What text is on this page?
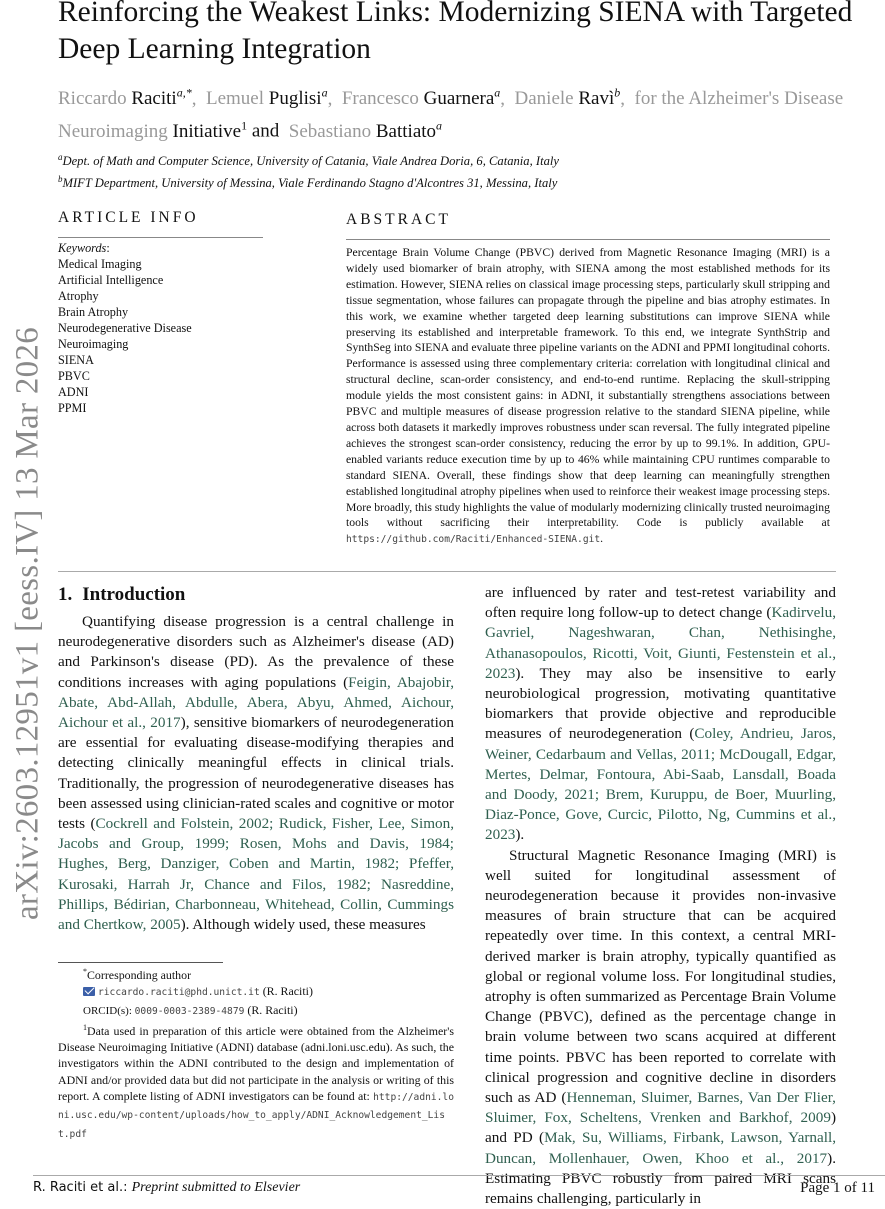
arXiv:2603.12951v1 [eess.IV] 13 Mar 2026
Reinforcing the Weakest Links: Modernizing SIENA with Targeted Deep Learning Integration
Riccardo Raciti$^{a,*}$,  Lemuel Puglisi$^a$,  Francesco Guarnera$^a$,  Daniele Ravì$^b$,  for the Alzheimer's Disease Neuroimaging Initiative$^1$ and Sebastiano Battiato$^a$
$^a$Dept. of Math and Computer Science, University of Catania, Viale Andrea Doria, 6, Catania, Italy
$^b$MIFT Department, University of Messina, Viale Ferdinando Stagno d'Alcontres 31, Messina, Italy
ARTICLE INFO
Keywords:
Medical Imaging
Artificial Intelligence
Atrophy
Brain Atrophy
Neurodegenerative Disease
Neuroimaging
SIENA
PBVC
ADNI
PPMI
ABSTRACT
Percentage Brain Volume Change (PBVC) derived from Magnetic Resonance Imaging (MRI) is a widely used biomarker of brain atrophy, with SIENA among the most established methods for its estimation. However, SIENA relies on classical image processing steps, particularly skull stripping and tissue segmentation, whose failures can propagate through the pipeline and bias atrophy estimates. In this work, we examine whether targeted deep learning substitutions can improve SIENA while preserving its established and interpretable framework. To this end, we integrate SynthStrip and SynthSeg into SIENA and evaluate three pipeline variants on the ADNI and PPMI longitudinal cohorts. Performance is assessed using three complementary criteria: correlation with longitudinal clinical and structural decline, scan-order consistency, and end-to-end runtime. Replacing the skull-stripping module yields the most consistent gains: in ADNI, it substantially strengthens associations between PBVC and multiple measures of disease progression relative to the standard SIENA pipeline, while across both datasets it markedly improves robustness under scan reversal. The fully integrated pipeline achieves the strongest scan-order consistency, reducing the error by up to 99.1%. In addition, GPU-enabled variants reduce execution time by up to 46% while maintaining CPU runtimes comparable to standard SIENA. Overall, these findings show that deep learning can meaningfully strengthen established longitudinal atrophy pipelines when used to reinforce their weakest image processing steps. More broadly, this study highlights the value of modularly modernizing clinically trusted neuroimaging tools without sacrificing their interpretability. Code is publicly available at https://github.com/Raciti/Enhanced-SIENA.git.
1. Introduction

Quantifying disease progression is a central challenge in neurodegenerative disorders such as Alzheimer's disease (AD) and Parkinson's disease (PD). As the prevalence of these conditions increases with aging populations (Feigin, Abajobir, Abate, Abd-Allah, Abdulle, Abera, Abyu, Ahmed, Aichour, Aichour et al., 2017), sensitive biomarkers of neurodegeneration are essential for evaluating disease-modifying therapies and detecting clinically meaningful effects in clinical trials. Traditionally, the progression of neurodegenerative diseases has been assessed using clinician-rated scales and cognitive or motor tests (Cockrell and Folstein, 2002; Rudick, Fisher, Lee, Simon, Jacobs and Group, 1999; Rosen, Mohs and Davis, 1984; Hughes, Berg, Danziger, Coben and Martin, 1982; Pfeffer, Kurosaki, Harrah Jr, Chance and Filos, 1982; Nasreddine, Phillips, Bédirian, Charbonneau, Whitehead, Collin, Cummings and Chertkow, 2005). Although widely used, these measures

are influenced by rater and test-retest variability and often require long follow-up to detect change (Kadirvelu, Gavriel, Nageshwaran, Chan, Nethisinghe, Athanasopoulos, Ricotti, Voit, Giunti, Festenstein et al., 2023). They may also be insensitive to early neurobiological progression, motivating quantitative biomarkers that provide objective and reproducible measures of neurodegeneration (Coley, Andrieu, Jaros, Weiner, Cedarbaum and Vellas, 2011; McDougall, Edgar, Mertes, Delmar, Fontoura, Abi-Saab, Lansdall, Boada and Doody, 2021; Brem, Kuruppu, de Boer, Muurling, Diaz-Ponce, Gove, Curcic, Pilotto, Ng, Cummins et al., 2023).

Structural Magnetic Resonance Imaging (MRI) is well suited for longitudinal assessment of neurodegeneration because it provides non-invasive measures of brain structure that can be acquired repeatedly over time. In this context, a central MRI-derived marker is brain atrophy, typically quantified as global or regional volume loss. For longitudinal studies, atrophy is often summarized as Percentage Brain Volume Change (PBVC), defined as the percentage change in brain volume between two scans acquired at different time points. PBVC has been reported to correlate with clinical progression and cognitive decline in disorders such as AD (Henneman, Sluimer, Barnes, Van Der Flier, Sluimer, Fox, Scheltens, Vrenken and Barkhof, 2009) and PD (Mak, Su, Williams, Firbank, Lawson, Yarnall, Duncan, Mollenhauer, Owen, Khoo et al., 2017). Estimating PBVC robustly from paired MRI scans remains challenging, particularly in

*Corresponding author
riccardo.raciti@phd.unict.it (R. Raciti)
ORCID(s): 0009-0003-2389-4879 (R. Raciti)

$^1$Data used in preparation of this article were obtained from the Alzheimer's Disease Neuroimaging Initiative (ADNI) database (adni.loni.usc.edu). As such, the investigators within the ADNI contributed to the design and implementation of ADNI and/or provided data but did not participate in the analysis or writing of this report. A complete listing of ADNI investigators can be found at: http://adni.loni.usc.edu/wp-content/uploads/how_to_apply/ADNI_Acknowledgement_List.pdf

R. Raciti et al.: Preprint submitted to Elsevier	Page 1 of 11
